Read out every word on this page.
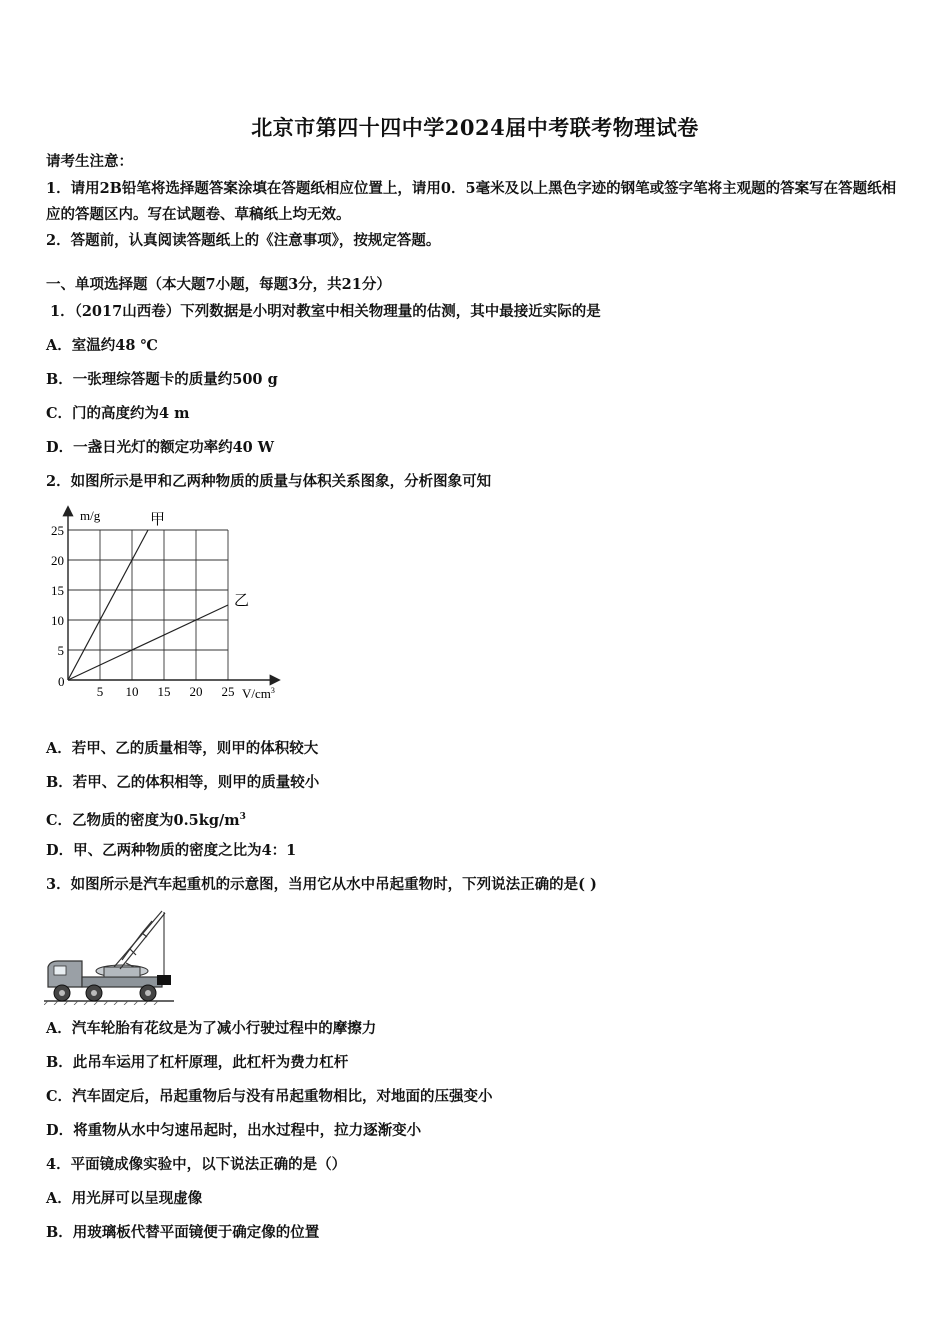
北京市第四十四中学2024届中考联考物理试卷
请考生注意：
1．请用2B铅笔将选择题答案涂填在答题纸相应位置上，请用0．5毫米及以上黑色字迹的钢笔或签字笔将主观题的答案写在答题纸相应的答题区内。写在试题卷、草稿纸上均无效。
2．答题前，认真阅读答题纸上的《注意事项》，按规定答题。
一、单项选择题（本大题7小题，每题3分，共21分）
1．（2017山西卷）下列数据是小明对教室中相关物理量的估测，其中最接近实际的是
A．室温约48 ℃
B．一张理综答题卡的质量约500 g
C．门的高度约为4 m
D．一盏日光灯的额定功率约40 W
2．如图所示是甲和乙两种物质的质量与体积关系图象，分析图象可知
5 10 15 20 25
25
20
15
10
5
甲
乙
m/g
0
$V/cm^3$
A．若甲、乙的质量相等，则甲的体积较大
B．若甲、乙的体积相等，则甲的质量较小
C．乙物质的密度为$0.5kg/m^3$
D．甲、乙两种物质的密度之比为4：1
3．如图所示是汽车起重机的示意图，当用它从水中吊起重物时，下列说法正确的是( )
A．汽车轮胎有花纹是为了减小行驶过程中的摩擦力
B．此吊车运用了杠杆原理，此杠杆为费力杠杆
C．汽车固定后，吊起重物后与没有吊起重物相比，对地面的压强变小
D．将重物从水中匀速吊起时，出水过程中，拉力逐渐变小
4．平面镜成像实验中，以下说法正确的是（）
A．用光屏可以呈现虚像
B．用玻璃板代替平面镜便于确定像的位置
